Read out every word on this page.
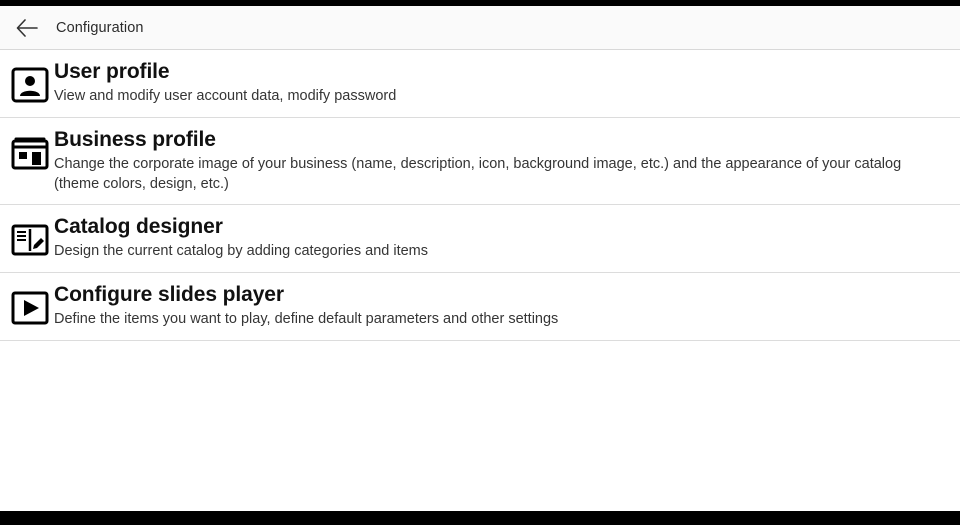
Configuration
User profile
View and modify user account data, modify password
Business profile
Change the corporate image of your business (name, description, icon, background image, etc.) and the appearance of your catalog (theme colors, design, etc.)
Catalog designer
Design the current catalog by adding categories and items
Configure slides player
Define the items you want to play, define default parameters and other settings
